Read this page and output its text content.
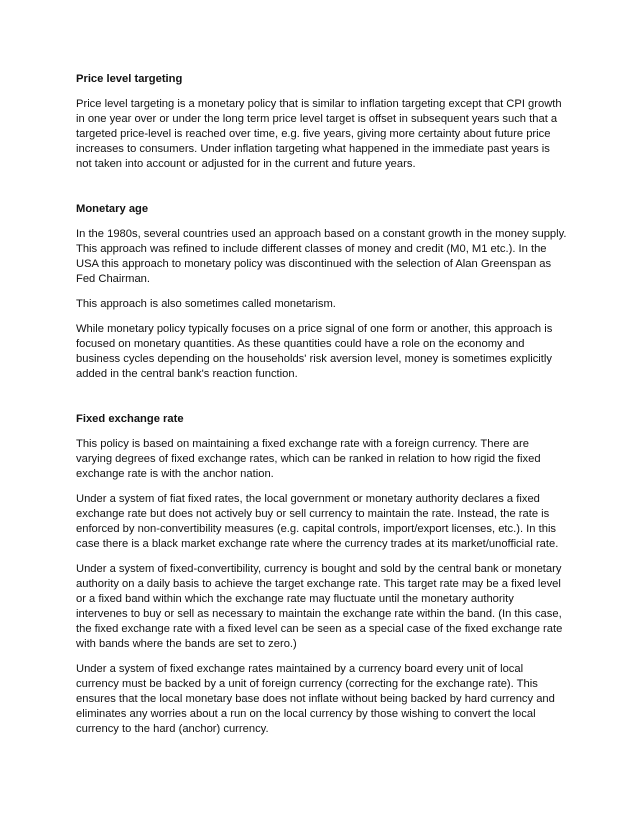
Price level targeting

Price level targeting is a monetary policy that is similar to inflation targeting except that CPI growth in one year over or under the long term price level target is offset in subsequent years such that a targeted price-level is reached over time, e.g. five years, giving more certainty about future price increases to consumers. Under inflation targeting what happened in the immediate past years is not taken into account or adjusted for in the current and future years.

Monetary age

In the 1980s, several countries used an approach based on a constant growth in the money supply. This approach was refined to include different classes of money and credit (M0, M1 etc.). In the USA this approach to monetary policy was discontinued with the selection of Alan Greenspan as Fed Chairman.

This approach is also sometimes called monetarism.

While monetary policy typically focuses on a price signal of one form or another, this approach is focused on monetary quantities. As these quantities could have a role on the economy and business cycles depending on the households' risk aversion level, money is sometimes explicitly added in the central bank's reaction function.

Fixed exchange rate

This policy is based on maintaining a fixed exchange rate with a foreign currency. There are varying degrees of fixed exchange rates, which can be ranked in relation to how rigid the fixed exchange rate is with the anchor nation.

Under a system of fiat fixed rates, the local government or monetary authority declares a fixed exchange rate but does not actively buy or sell currency to maintain the rate. Instead, the rate is enforced by non-convertibility measures (e.g. capital controls, import/export licenses, etc.). In this case there is a black market exchange rate where the currency trades at its market/unofficial rate.

Under a system of fixed-convertibility, currency is bought and sold by the central bank or monetary authority on a daily basis to achieve the target exchange rate. This target rate may be a fixed level or a fixed band within which the exchange rate may fluctuate until the monetary authority intervenes to buy or sell as necessary to maintain the exchange rate within the band. (In this case, the fixed exchange rate with a fixed level can be seen as a special case of the fixed exchange rate with bands where the bands are set to zero.)

Under a system of fixed exchange rates maintained by a currency board every unit of local currency must be backed by a unit of foreign currency (correcting for the exchange rate). This ensures that the local monetary base does not inflate without being backed by hard currency and eliminates any worries about a run on the local currency by those wishing to convert the local currency to the hard (anchor) currency.
